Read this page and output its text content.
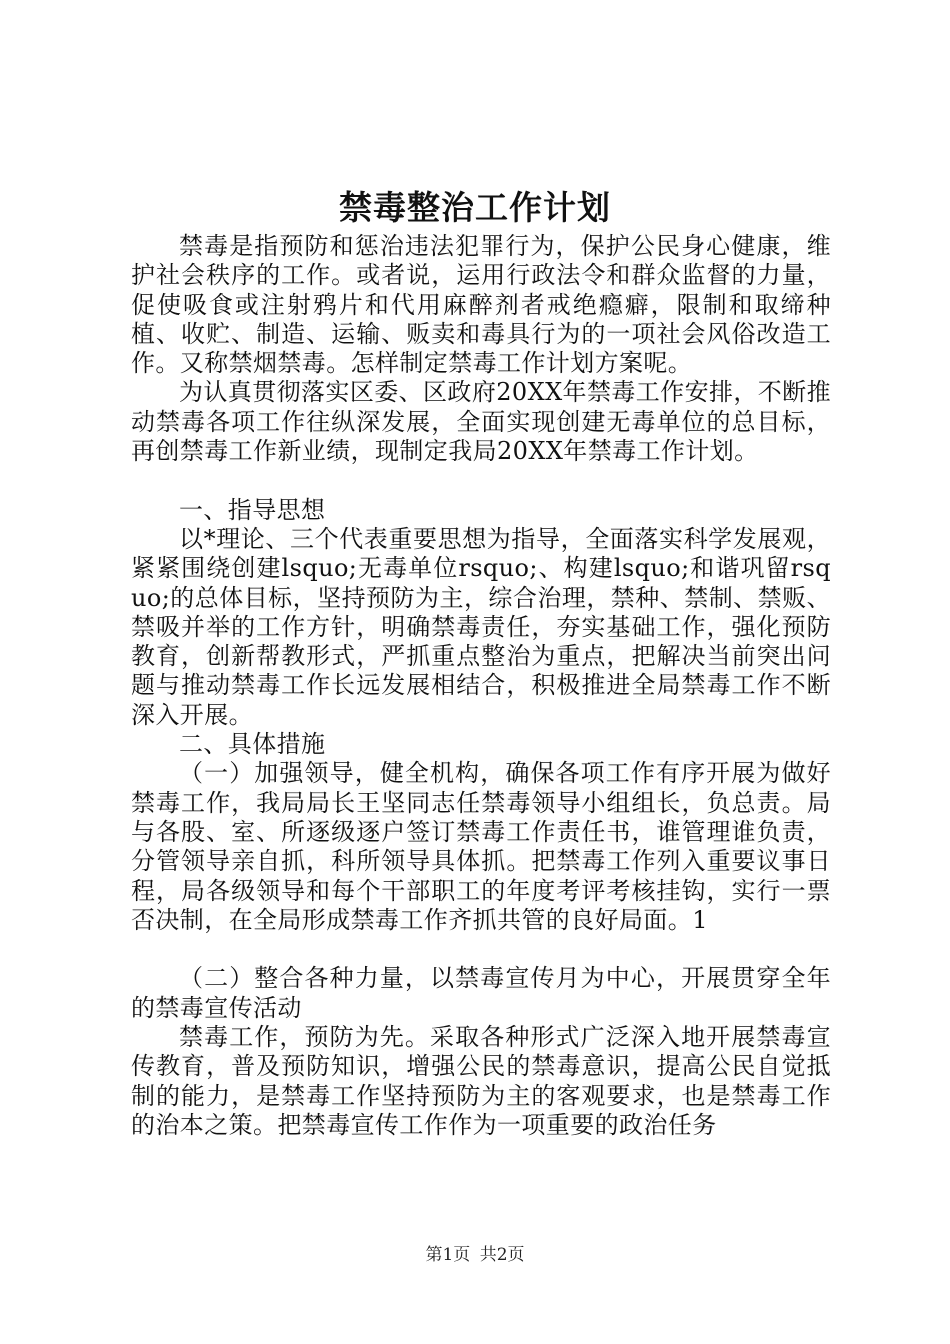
禁毒整治工作计划

禁毒是指预防和惩治违法犯罪行为，保护公民身心健康，维护社会秩序的工作。或者说，运用行政法令和群众监督的力量，促使吸食或注射鸦片和代用麻醉剂者戒绝瘾癖，限制和取缔种植、收贮、制造、运输、贩卖和毒具行为的一项社会风俗改造工作。又称禁烟禁毒。怎样制定禁毒工作计划方案呢。

为认真贯彻落实区委、区政府20XX年禁毒工作安排，不断推动禁毒各项工作往纵深发展，全面实现创建无毒单位的总目标，再创禁毒工作新业绩，现制定我局20XX年禁毒工作计划。

一、指导思想

以*理论、三个代表重要思想为指导，全面落实科学发展观，紧紧围绕创建lsquo;无毒单位rsquo;、构建lsquo;和谐巩留rsquo;的总体目标，坚持预防为主，综合治理，禁种、禁制、禁贩、禁吸并举的工作方针，明确禁毒责任，夯实基础工作，强化预防教育，创新帮教形式，严抓重点整治为重点，把解决当前突出问题与推动禁毒工作长远发展相结合，积极推进全局禁毒工作不断深入开展。

二、具体措施

（一）加强领导，健全机构，确保各项工作有序开展为做好禁毒工作，我局局长王坚同志任禁毒领导小组组长，负总责。局与各股、室、所逐级逐户签订禁毒工作责任书，谁管理谁负责，分管领导亲自抓，科所领导具体抓。把禁毒工作列入重要议事日程，局各级领导和每个干部职工的年度考评考核挂钩，实行一票否决制，在全局形成禁毒工作齐抓共管的良好局面。1

（二）整合各种力量，以禁毒宣传月为中心，开展贯穿全年的禁毒宣传活动

禁毒工作，预防为先。采取各种形式广泛深入地开展禁毒宣传教育，普及预防知识，增强公民的禁毒意识，提高公民自觉抵制的能力，是禁毒工作坚持预防为主的客观要求，也是禁毒工作的治本之策。把禁毒宣传工作作为一项重要的政治任务

第1页 共2页
